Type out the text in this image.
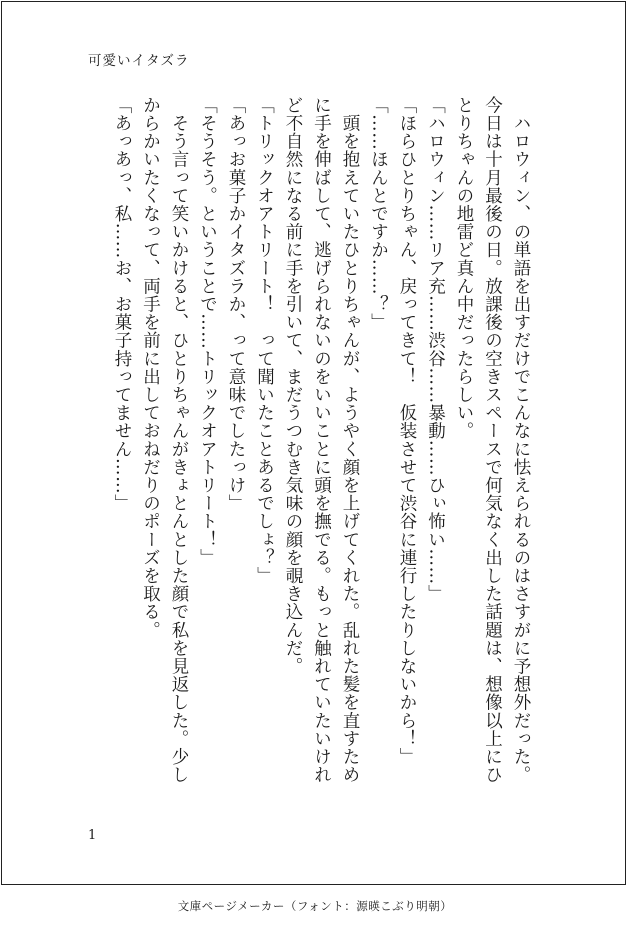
可愛いイタズラ

　ハロウィン、の単語を出すだけでこんなに怯えられるのはさすがに予想外だった。今日は十月最後の日。放課後の空きスペースで何気なく出した話題は、想像以上にひとりちゃんの地雷ど真ん中だったらしい。

「ハロウィン……リア充……渋谷……暴動……ひぃ怖い……」

「ほらひとりちゃん、戻ってきて！　仮装させて渋谷に連行したりしないから！」

「……ほんとですか……？」

　頭を抱えていたひとりちゃんが、ようやく顔を上げてくれた。乱れた髪を直すために手を伸ばして、逃げられないのをいいことに頭を撫でる。もっと触れていたいけれど不自然になる前に手を引いて、まだうつむき気味の顔を覗き込んだ。

「トリックオアトリート！　って聞いたことあるでしょ？」

「あっお菓子かイタズラか、って意味でしたっけ」

「そうそう。ということで……トリックオアトリート！」

　そう言って笑いかけると、ひとりちゃんがきょとんとした顔で私を見返した。少しからかいたくなって、両手を前に出しておねだりのポーズを取る。

「あっあっ、私……お、お菓子持ってません……」

1
文庫ページメーカー（フォント：源暎こぶり明朝）
